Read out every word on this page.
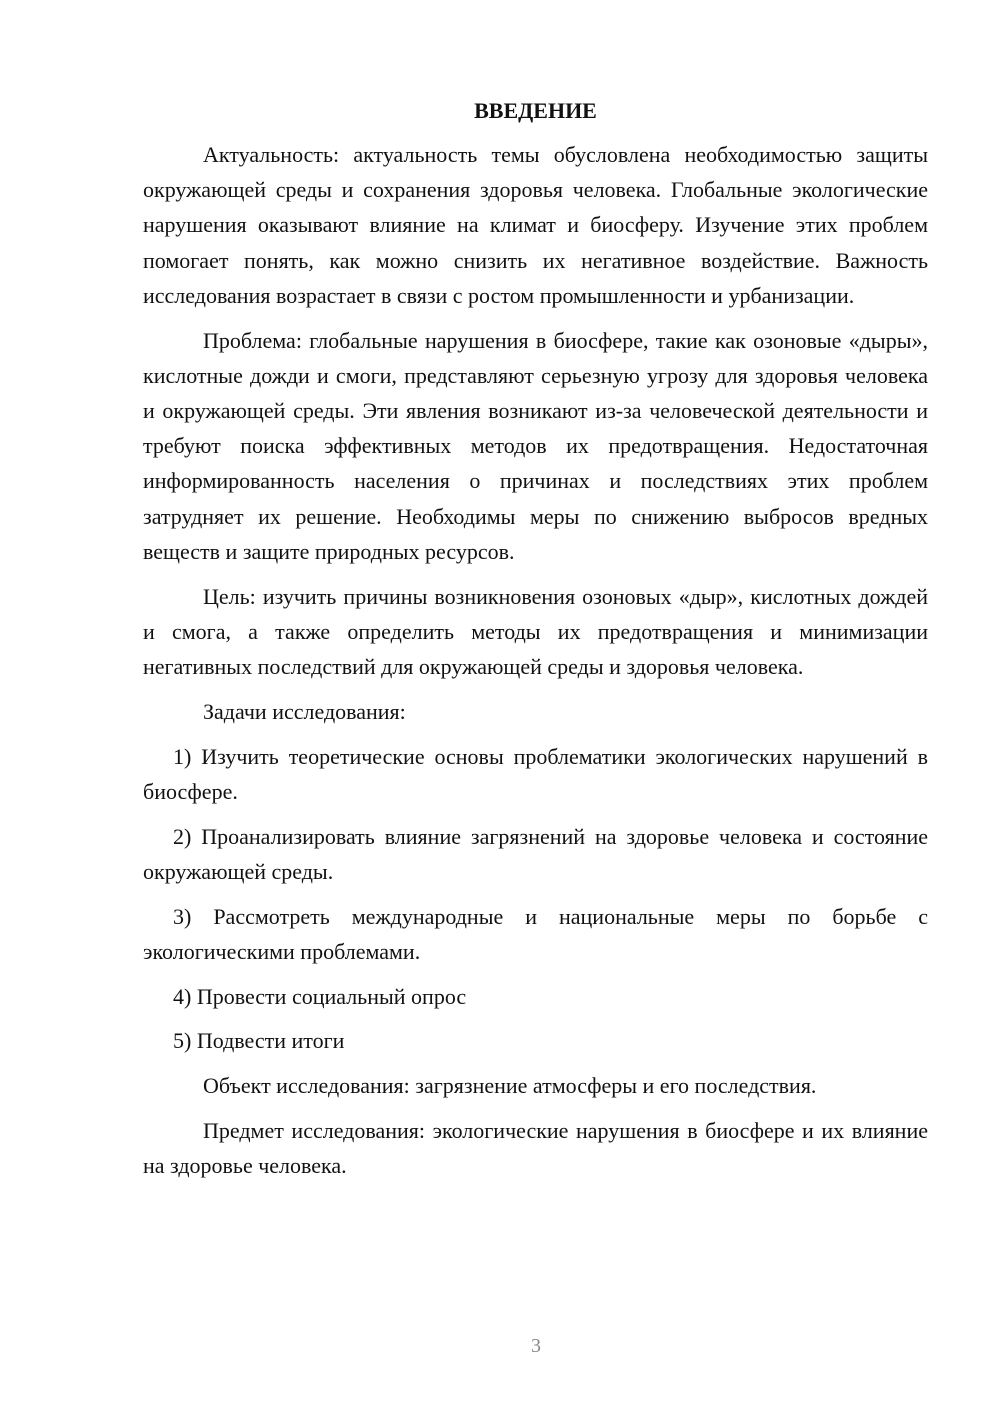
ВВЕДЕНИЕ

Актуальность: актуальность темы обусловлена необходимостью защиты окружающей среды и сохранения здоровья человека. Глобальные экологические нарушения оказывают влияние на климат и биосферу. Изучение этих проблем помогает понять, как можно снизить их негативное воздействие. Важность исследования возрастает в связи с ростом промышленности и урбанизации.

Проблема: глобальные нарушения в биосфере, такие как озоновые «дыры», кислотные дожди и смоги, представляют серьезную угрозу для здоровья человека и окружающей среды. Эти явления возникают из-за человеческой деятельности и требуют поиска эффективных методов их предотвращения. Недостаточная информированность населения о причинах и последствиях этих проблем затрудняет их решение. Необходимы меры по снижению выбросов вредных веществ и защите природных ресурсов.

Цель: изучить причины возникновения озоновых «дыр», кислотных дождей и смога, а также определить методы их предотвращения и минимизации негативных последствий для окружающей среды и здоровья человека.

Задачи исследования:

1) Изучить теоретические основы проблематики экологических нарушений в биосфере.

2) Проанализировать влияние загрязнений на здоровье человека и состояние окружающей среды.

3) Рассмотреть международные и национальные меры по борьбе с экологическими проблемами.

4) Провести социальный опрос

5) Подвести итоги

Объект исследования: загрязнение атмосферы и его последствия.

Предмет исследования: экологические нарушения в биосфере и их влияние на здоровье человека.

3
